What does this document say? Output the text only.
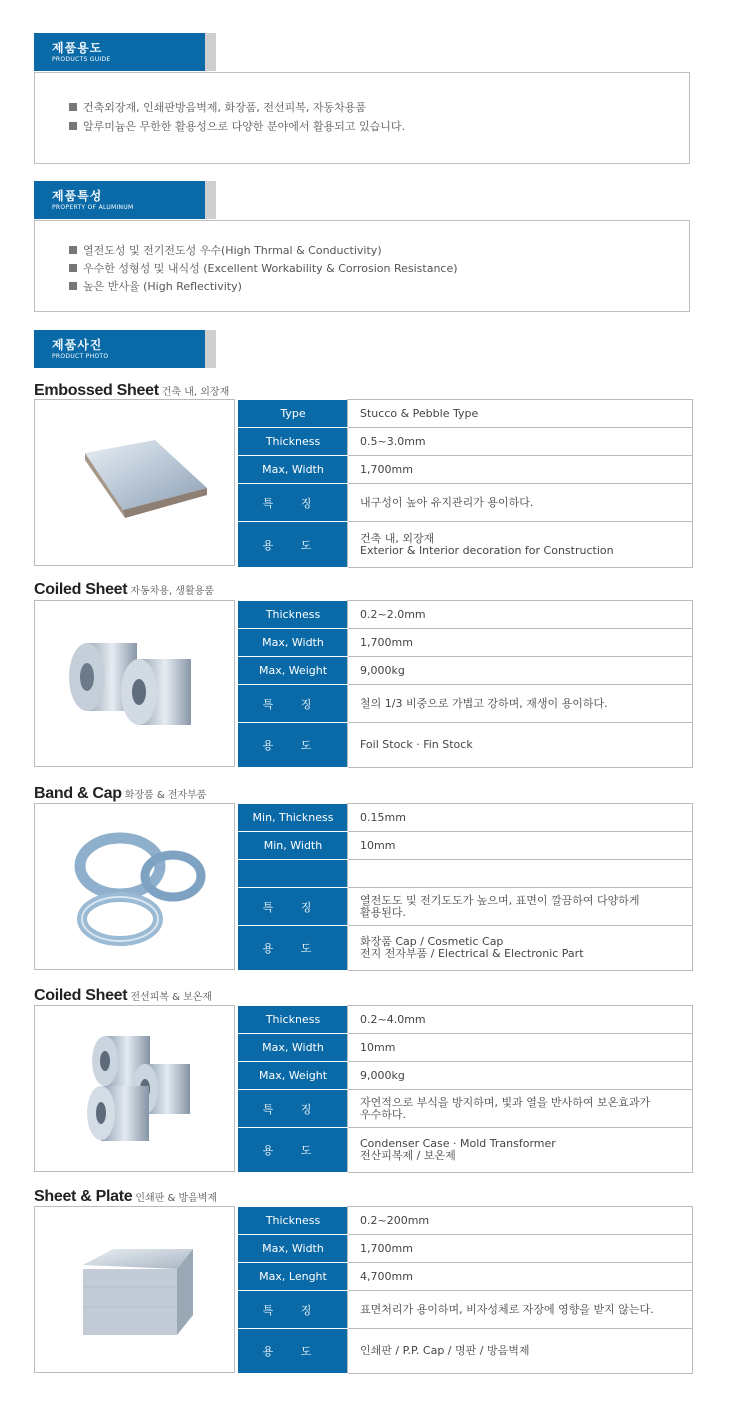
제품용도
PRODUCTS GUIDE
건축외장재, 인쇄판방음벽제, 화장품, 전선피복, 자동차용품
알루미늄은 무한한 활용성으로 다양한 분야에서 활용되고 있습니다.
제품특성
PROPERTY OF ALUMINUM
열전도성 및 전기전도성 우수(High Thrmal & Conductivity)
우수한 성형성 및 내식성 (Excellent Workability & Corrosion Resistance)
높은 반사율 (High Reflectivity)
제품사진
PRODUCT PHOTO
Embossed Sheet 건축 내, 외장재
Type	Stucco & Pebble Type
Thickness	0.5~3.0mm
Max, Width	1,700mm
특 징	내구성이 높아 유지관리가 용이하다.
용 도	건축 내, 외장재
Exterior & Interior decoration for Construction
Coiled Sheet 자동차용, 생활용품
Thickness	0.2~2.0mm
Max, Width	1,700mm
Max, Weight	9,000kg
특 징	철의 1/3 비중으로 가볍고 강하며, 재생이 용이하다.
용 도	Foil Stock · Fin Stock
Band & Cap 화장품 & 전자부품
Min, Thickness	0.15mm
Min, Width	10mm

특 징	열전도도 및 전기도도가 높으며, 표면이 깔끔하여 다양하게
활용된다.

용 도	화장품 Cap / Cosmetic Cap
전지 전자부품 / Electrical & Electronic Part
Coiled Sheet 전선피복 & 보온재
Thickness	0.2~4.0mm
Max, Width	10mm
Max, Weight	9,000kg
특 징	자연적으로 부식을 방지하며, 빛과 열을 반사하여 보온효과가
우수하다.

용 도	Condenser Case · Mold Transformer
전산피복제 / 보온제
Sheet & Plate 인쇄판 & 방음벽제
Thickness	0.2~200mm
Max, Width	1,700mm
Max, Lenght	4,700mm
특 징	표면처리가 용이하며, 비자성체로 자장에 영향을 받지 않는다.
용 도	인쇄판 / P.P. Cap / 명판 / 방음벽제
